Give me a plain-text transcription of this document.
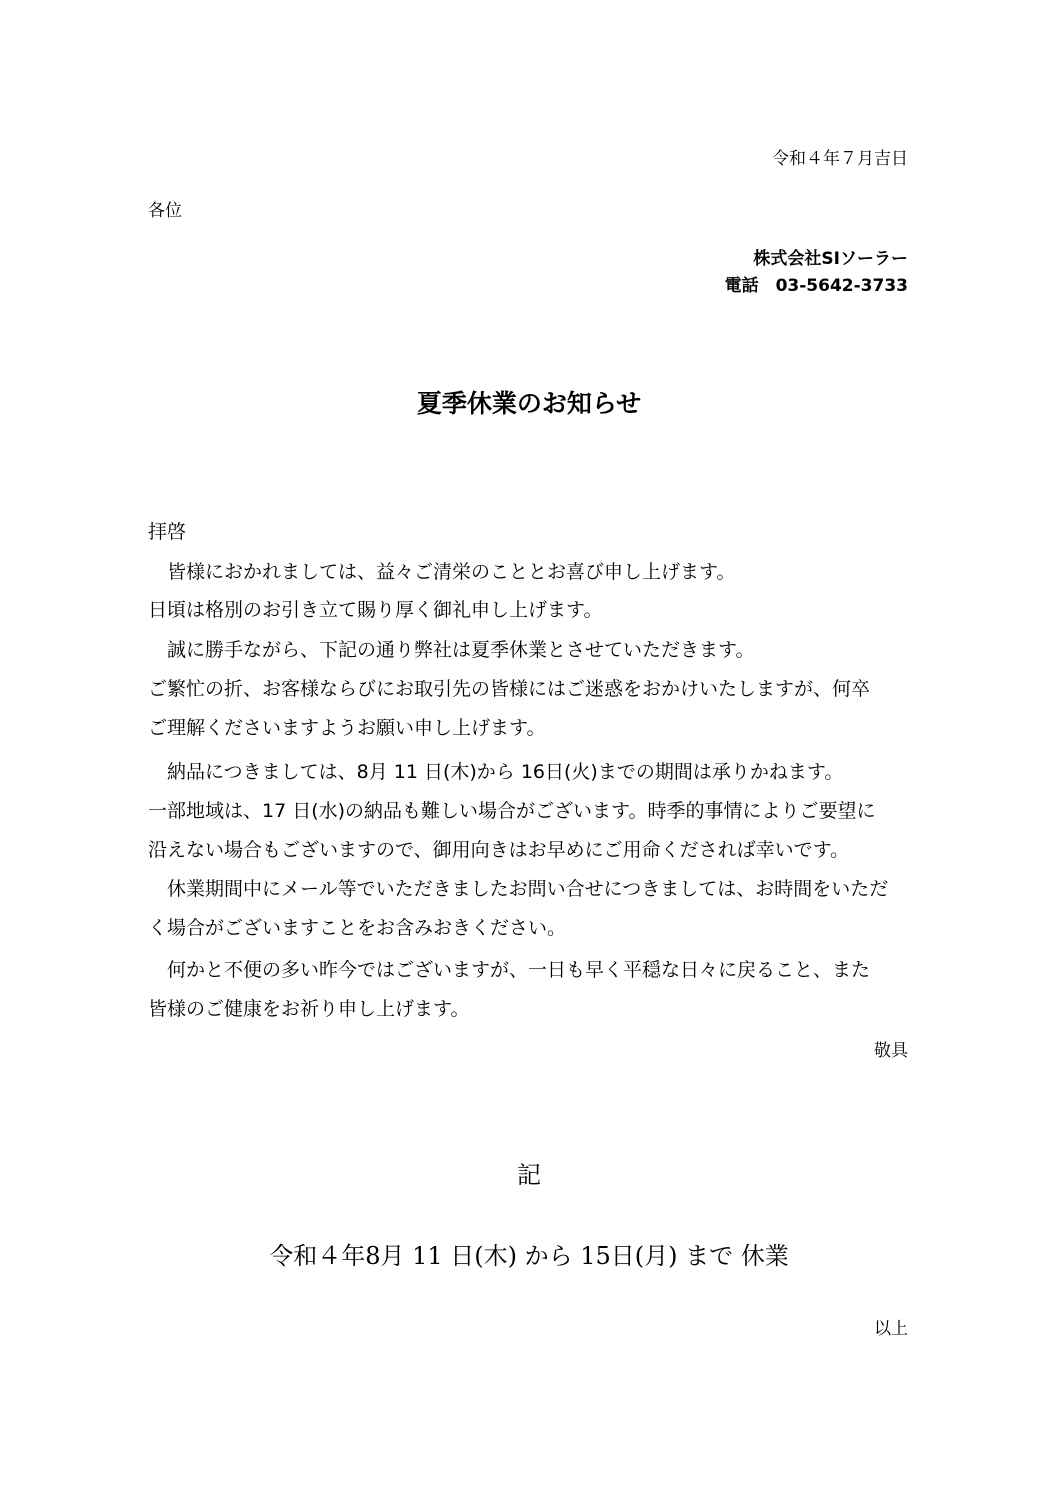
令和４年７月吉日
各位
株式会社SIソーラー
電話　03-5642-3733
夏季休業のお知らせ
拝啓
　皆様におかれましては、益々ご清栄のこととお喜び申し上げます。
日頃は格別のお引き立て賜り厚く御礼申し上げます。
　誠に勝手ながら、下記の通り弊社は夏季休業とさせていただきます。
ご繁忙の折、お客様ならびにお取引先の皆様にはご迷惑をおかけいたしますが、何卒
ご理解くださいますようお願い申し上げます。
　納品につきましては、8月 11 日(木)から 16日(火)までの期間は承りかねます。
一部地域は、17 日(水)の納品も難しい場合がございます。時季的事情によりご要望に
沿えない場合もございますので、御用向きはお早めにご用命くだされば幸いです。
　休業期間中にメール等でいただきましたお問い合せにつきましては、お時間をいただ
く場合がございますことをお含みおきください。
　何かと不便の多い昨今ではございますが、一日も早く平穏な日々に戻ること、また
皆様のご健康をお祈り申し上げます。
敬具
記
令和４年8月 11 日(木) から 15日(月) まで 休業
以上
